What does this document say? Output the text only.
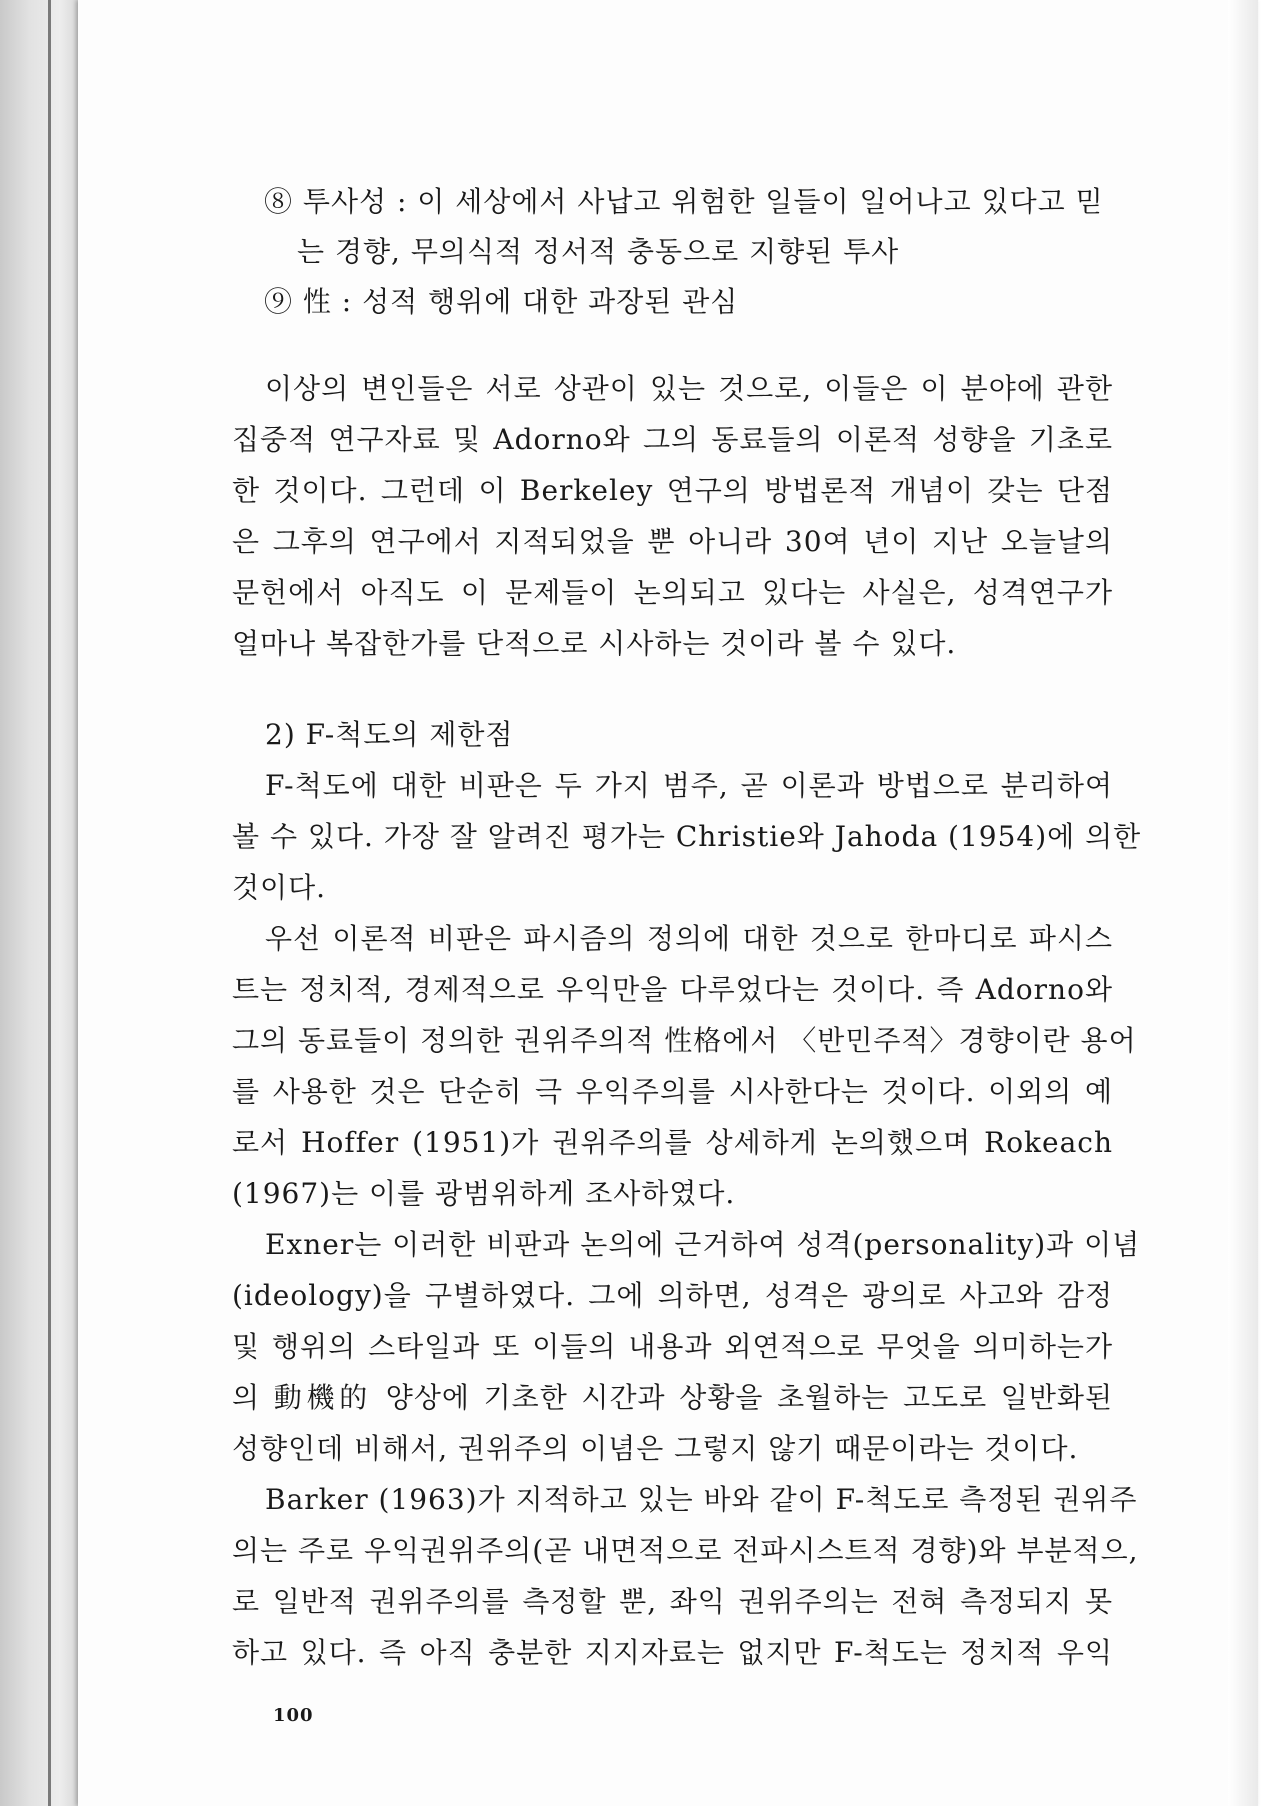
⑧ 투사성 : 이 세상에서 사납고 위험한 일들이 일어나고 있다고 믿

는 경향, 무의식적 정서적 충동으로 지향된 투사

⑨ 性 : 성적 행위에 대한 과장된 관심

이상의 변인들은 서로 상관이 있는 것으로, 이들은 이 분야에 관한

집중적 연구자료 및 Adorno와 그의 동료들의 이론적 성향을 기초로

한 것이다. 그런데 이 Berkeley 연구의 방법론적 개념이 갖는 단점

은 그후의 연구에서 지적되었을 뿐 아니라 30여 년이 지난 오늘날의

문헌에서 아직도 이 문제들이 논의되고 있다는 사실은, 성격연구가

얼마나 복잡한가를 단적으로 시사하는 것이라 볼 수 있다.

2) F-척도의 제한점

F-척도에 대한 비판은 두 가지 범주, 곧 이론과 방법으로 분리하여

볼 수 있다. 가장 잘 알려진 평가는 Christie와 Jahoda (1954)에 의한

것이다.

우선 이론적 비판은 파시즘의 정의에 대한 것으로 한마디로 파시스

트는 정치적, 경제적으로 우익만을 다루었다는 것이다. 즉 Adorno와

그의 동료들이 정의한 권위주의적 性格에서 〈반민주적〉경향이란 용어

를 사용한 것은 단순히 극 우익주의를 시사한다는 것이다. 이외의 예

로서 Hoffer (1951)가 권위주의를 상세하게 논의했으며 Rokeach

(1967)는 이를 광범위하게 조사하였다.

Exner는 이러한 비판과 논의에 근거하여 성격(personality)과 이념

(ideology)을 구별하였다. 그에 의하면, 성격은 광의로 사고와 감정

및 행위의 스타일과 또 이들의 내용과 외연적으로 무엇을 의미하는가

의 動機的 양상에 기초한 시간과 상황을 초월하는 고도로 일반화된

성향인데 비해서, 권위주의 이념은 그렇지 않기 때문이라는 것이다.

Barker (1963)가 지적하고 있는 바와 같이 F-척도로 측정된 권위주

의는 주로 우익권위주의(곧 내면적으로 전파시스트적 경향)와 부분적으,

로 일반적 권위주의를 측정할 뿐, 좌익 권위주의는 전혀 측정되지 못

하고 있다. 즉 아직 충분한 지지자료는 없지만 F-척도는 정치적 우익

100
